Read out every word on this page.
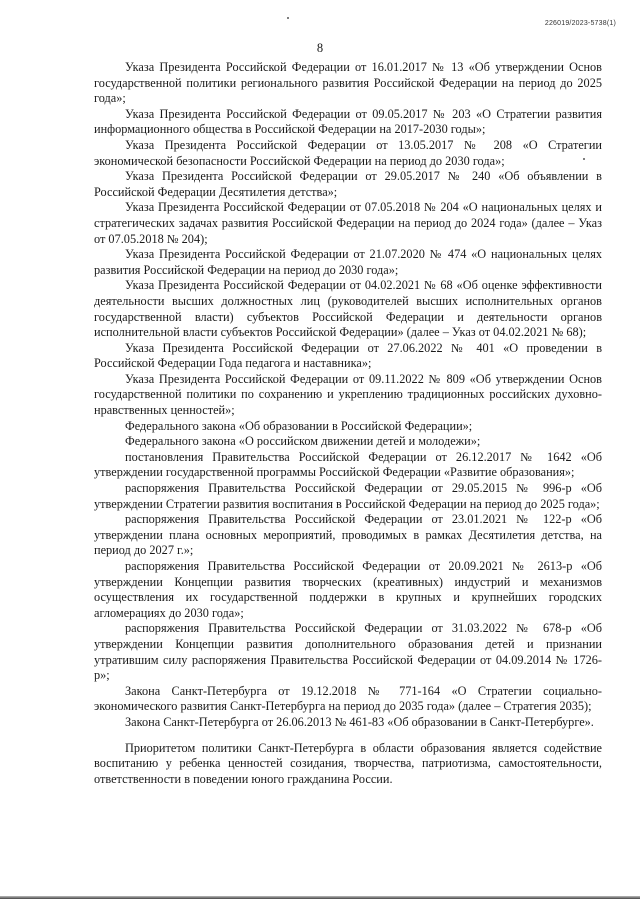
226019/2023-5738(1)
8

Указа Президента Российской Федерации от 16.01.2017 № 13 «Об утверждении Основ государственной политики регионального развития Российской Федерации на период до 2025 года»;

Указа Президента Российской Федерации от 09.05.2017 № 203 «О Стратегии развития информационного общества в Российской Федерации на 2017-2030 годы»;

Указа Президента Российской Федерации от 13.05.2017 № 208 «О Стратегии экономической безопасности Российской Федерации на период до 2030 года»;

Указа Президента Российской Федерации от 29.05.2017 № 240 «Об объявлении в Российской Федерации Десятилетия детства»;

Указа Президента Российской Федерации от 07.05.2018 № 204 «О национальных целях и стратегических задачах развития Российской Федерации на период до 2024 года» (далее – Указ от 07.05.2018 № 204);

Указа Президента Российской Федерации от 21.07.2020 № 474 «О национальных целях развития Российской Федерации на период до 2030 года»;

Указа Президента Российской Федерации от 04.02.2021 № 68 «Об оценке эффективности деятельности высших должностных лиц (руководителей высших исполнительных органов государственной власти) субъектов Российской Федерации и деятельности органов исполнительной власти субъектов Российской Федерации» (далее – Указ от 04.02.2021 № 68);

Указа Президента Российской Федерации от 27.06.2022 № 401 «О проведении в Российской Федерации Года педагога и наставника»;

Указа Президента Российской Федерации от 09.11.2022 № 809 «Об утверждении Основ государственной политики по сохранению и укреплению традиционных российских духовно-нравственных ценностей»;

Федерального закона «Об образовании в Российской Федерации»;

Федерального закона «О российском движении детей и молодежи»;

постановления Правительства Российской Федерации от 26.12.2017 № 1642 «Об утверждении государственной программы Российской Федерации «Развитие образования»;

распоряжения Правительства Российской Федерации от 29.05.2015 № 996-р «Об утверждении Стратегии развития воспитания в Российской Федерации на период до 2025 года»;

распоряжения Правительства Российской Федерации от 23.01.2021 № 122-р «Об утверждении плана основных мероприятий, проводимых в рамках Десятилетия детства, на период до 2027 г.»;

распоряжения Правительства Российской Федерации от 20.09.2021 № 2613-р «Об утверждении Концепции развития творческих (креативных) индустрий и механизмов осуществления их государственной поддержки в крупных и крупнейших городских агломерациях до 2030 года»;

распоряжения Правительства Российской Федерации от 31.03.2022 № 678-р «Об утверждении Концепции развития дополнительного образования детей и признании утратившим силу распоряжения Правительства Российской Федерации от 04.09.2014 № 1726-р»;

Закона Санкт-Петербурга от 19.12.2018 № 771-164 «О Стратегии социально-экономического развития Санкт-Петербурга на период до 2035 года» (далее – Стратегия 2035);

Закона Санкт-Петербурга от 26.06.2013 № 461-83 «Об образовании в Санкт-Петербурге».

Приоритетом политики Санкт-Петербурга в области образования является содействие воспитанию у ребенка ценностей созидания, творчества, патриотизма, самостоятельности, ответственности в поведении юного гражданина России.
